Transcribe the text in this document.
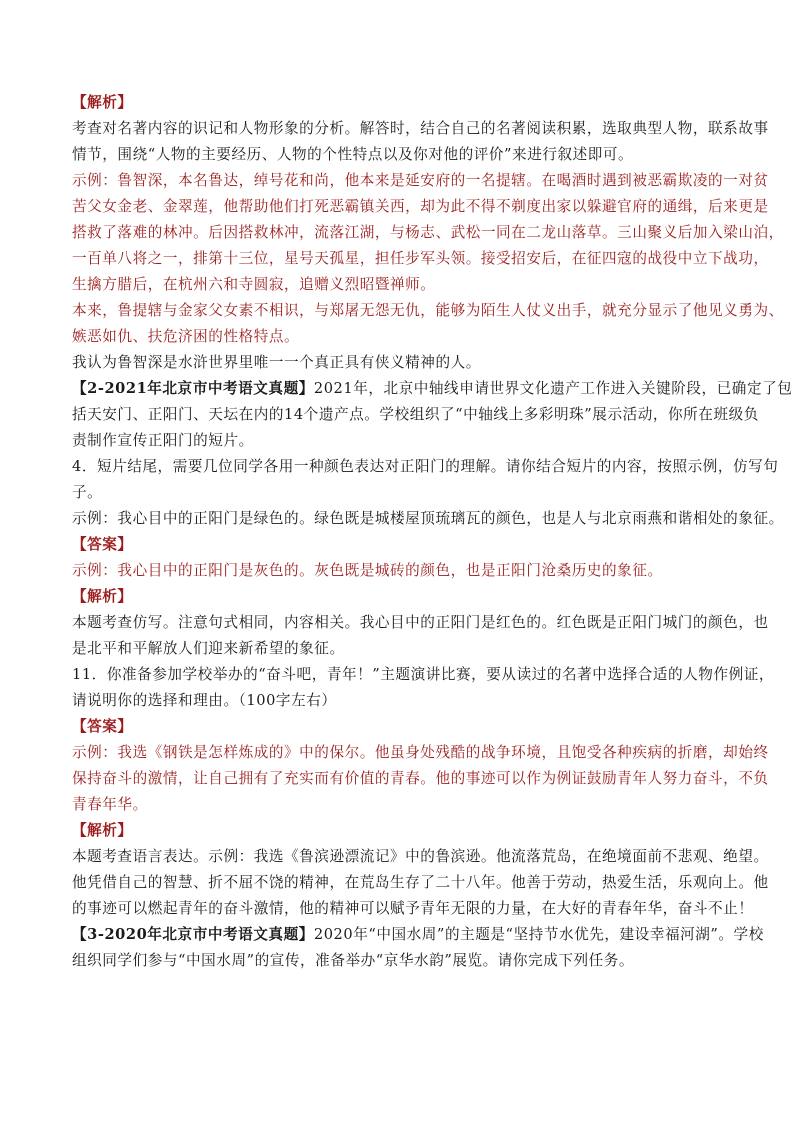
【解析】
考查对名著内容的识记和人物形象的分析。解答时，结合自己的名著阅读积累，选取典型人物，联系故事
情节，围绕“人物的主要经历、人物的个性特点以及你对他的评价”来进行叙述即可。
示例：鲁智深，本名鲁达，绰号花和尚，他本来是延安府的一名提辖。在喝酒时遇到被恶霸欺凌的一对贫
苦父女金老、金翠莲，他帮助他们打死恶霸镇关西，却为此不得不剃度出家以躲避官府的通缉，后来更是
搭救了落难的林冲。后因搭救林冲，流落江湖，与杨志、武松一同在二龙山落草。三山聚义后加入梁山泊，
一百单八将之一，排第十三位，星号天孤星，担任步军头领。接受招安后，在征四寇的战役中立下战功，
生擒方腊后，在杭州六和寺圆寂，追赠义烈昭暨禅师。
本来，鲁提辖与金家父女素不相识，与郑屠无怨无仇，能够为陌生人仗义出手，就充分显示了他见义勇为、
嫉恶如仇、扶危济困的性格特点。
我认为鲁智深是水浒世界里唯一一个真正具有侠义精神的人。
【2-2021年北京市中考语文真题】2021年，北京中轴线申请世界文化遗产工作进入关键阶段，已确定了包
括天安门、正阳门、天坛在内的14个遗产点。学校组织了“中轴线上多彩明珠”展示活动，你所在班级负
责制作宣传正阳门的短片。
4．短片结尾，需要几位同学各用一种颜色表达对正阳门的理解。请你结合短片的内容，按照示例，仿写句
子。
示例：我心目中的正阳门是绿色的。绿色既是城楼屋顶琉璃瓦的颜色，也是人与北京雨燕和谐相处的象征。
【答案】
示例：我心目中的正阳门是灰色的。灰色既是城砖的颜色，也是正阳门沧桑历史的象征。
【解析】
本题考查仿写。注意句式相同，内容相关。我心目中的正阳门是红色的。红色既是正阳门城门的颜色，也
是北平和平解放人们迎来新希望的象征。
11．你准备参加学校举办的“奋斗吧，青年！”主题演讲比赛，要从读过的名著中选择合适的人物作例证，
请说明你的选择和理由。（100字左右）
【答案】
示例：我选《钢铁是怎样炼成的》中的保尔。他虽身处残酷的战争环境，且饱受各种疾病的折磨，却始终
保持奋斗的激情，让自己拥有了充实而有价值的青春。他的事迹可以作为例证鼓励青年人努力奋斗，不负
青春年华。
【解析】
本题考查语言表达。示例：我选《鲁滨逊漂流记》中的鲁滨逊。他流落荒岛，在绝境面前不悲观、绝望。
他凭借自己的智慧、折不屈不饶的精神，在荒岛生存了二十八年。他善于劳动，热爱生活，乐观向上。他
的事迹可以燃起青年的奋斗激情，他的精神可以赋予青年无限的力量，在大好的青春年华，奋斗不止！
【3-2020年北京市中考语文真题】2020年“中国水周”的主题是“坚持节水优先，建设幸福河湖”。学校
组织同学们参与“中国水周”的宣传，准备举办“京华水韵”展览。请你完成下列任务。
